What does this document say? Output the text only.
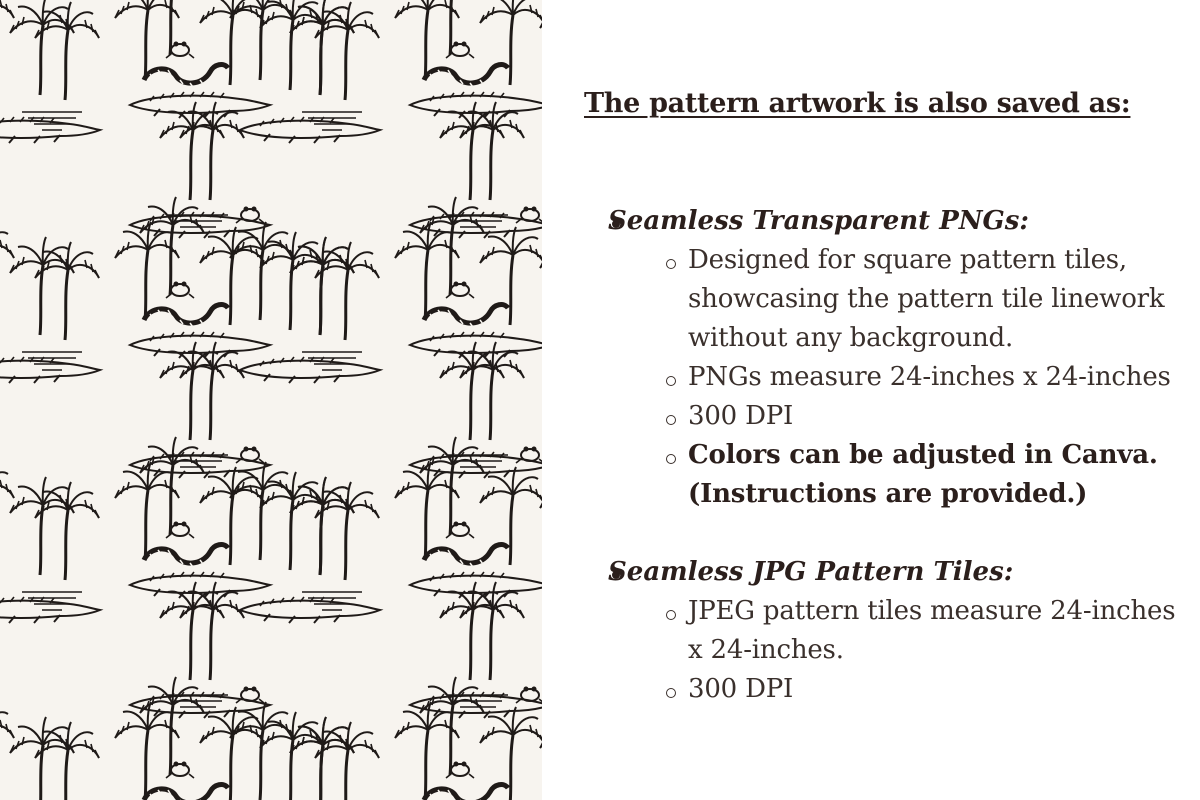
The pattern artwork is also saved as:
Seamless Transparent PNGs:
Designed for square pattern tiles,
showcasing the pattern tile linework
without any background.
PNGs measure 24-inches x 24-inches
300 DPI
Colors can be adjusted in Canva.
(Instructions are provided.)
Seamless JPG Pattern Tiles:
JPEG pattern tiles measure 24-inches
x 24-inches.
300 DPI
